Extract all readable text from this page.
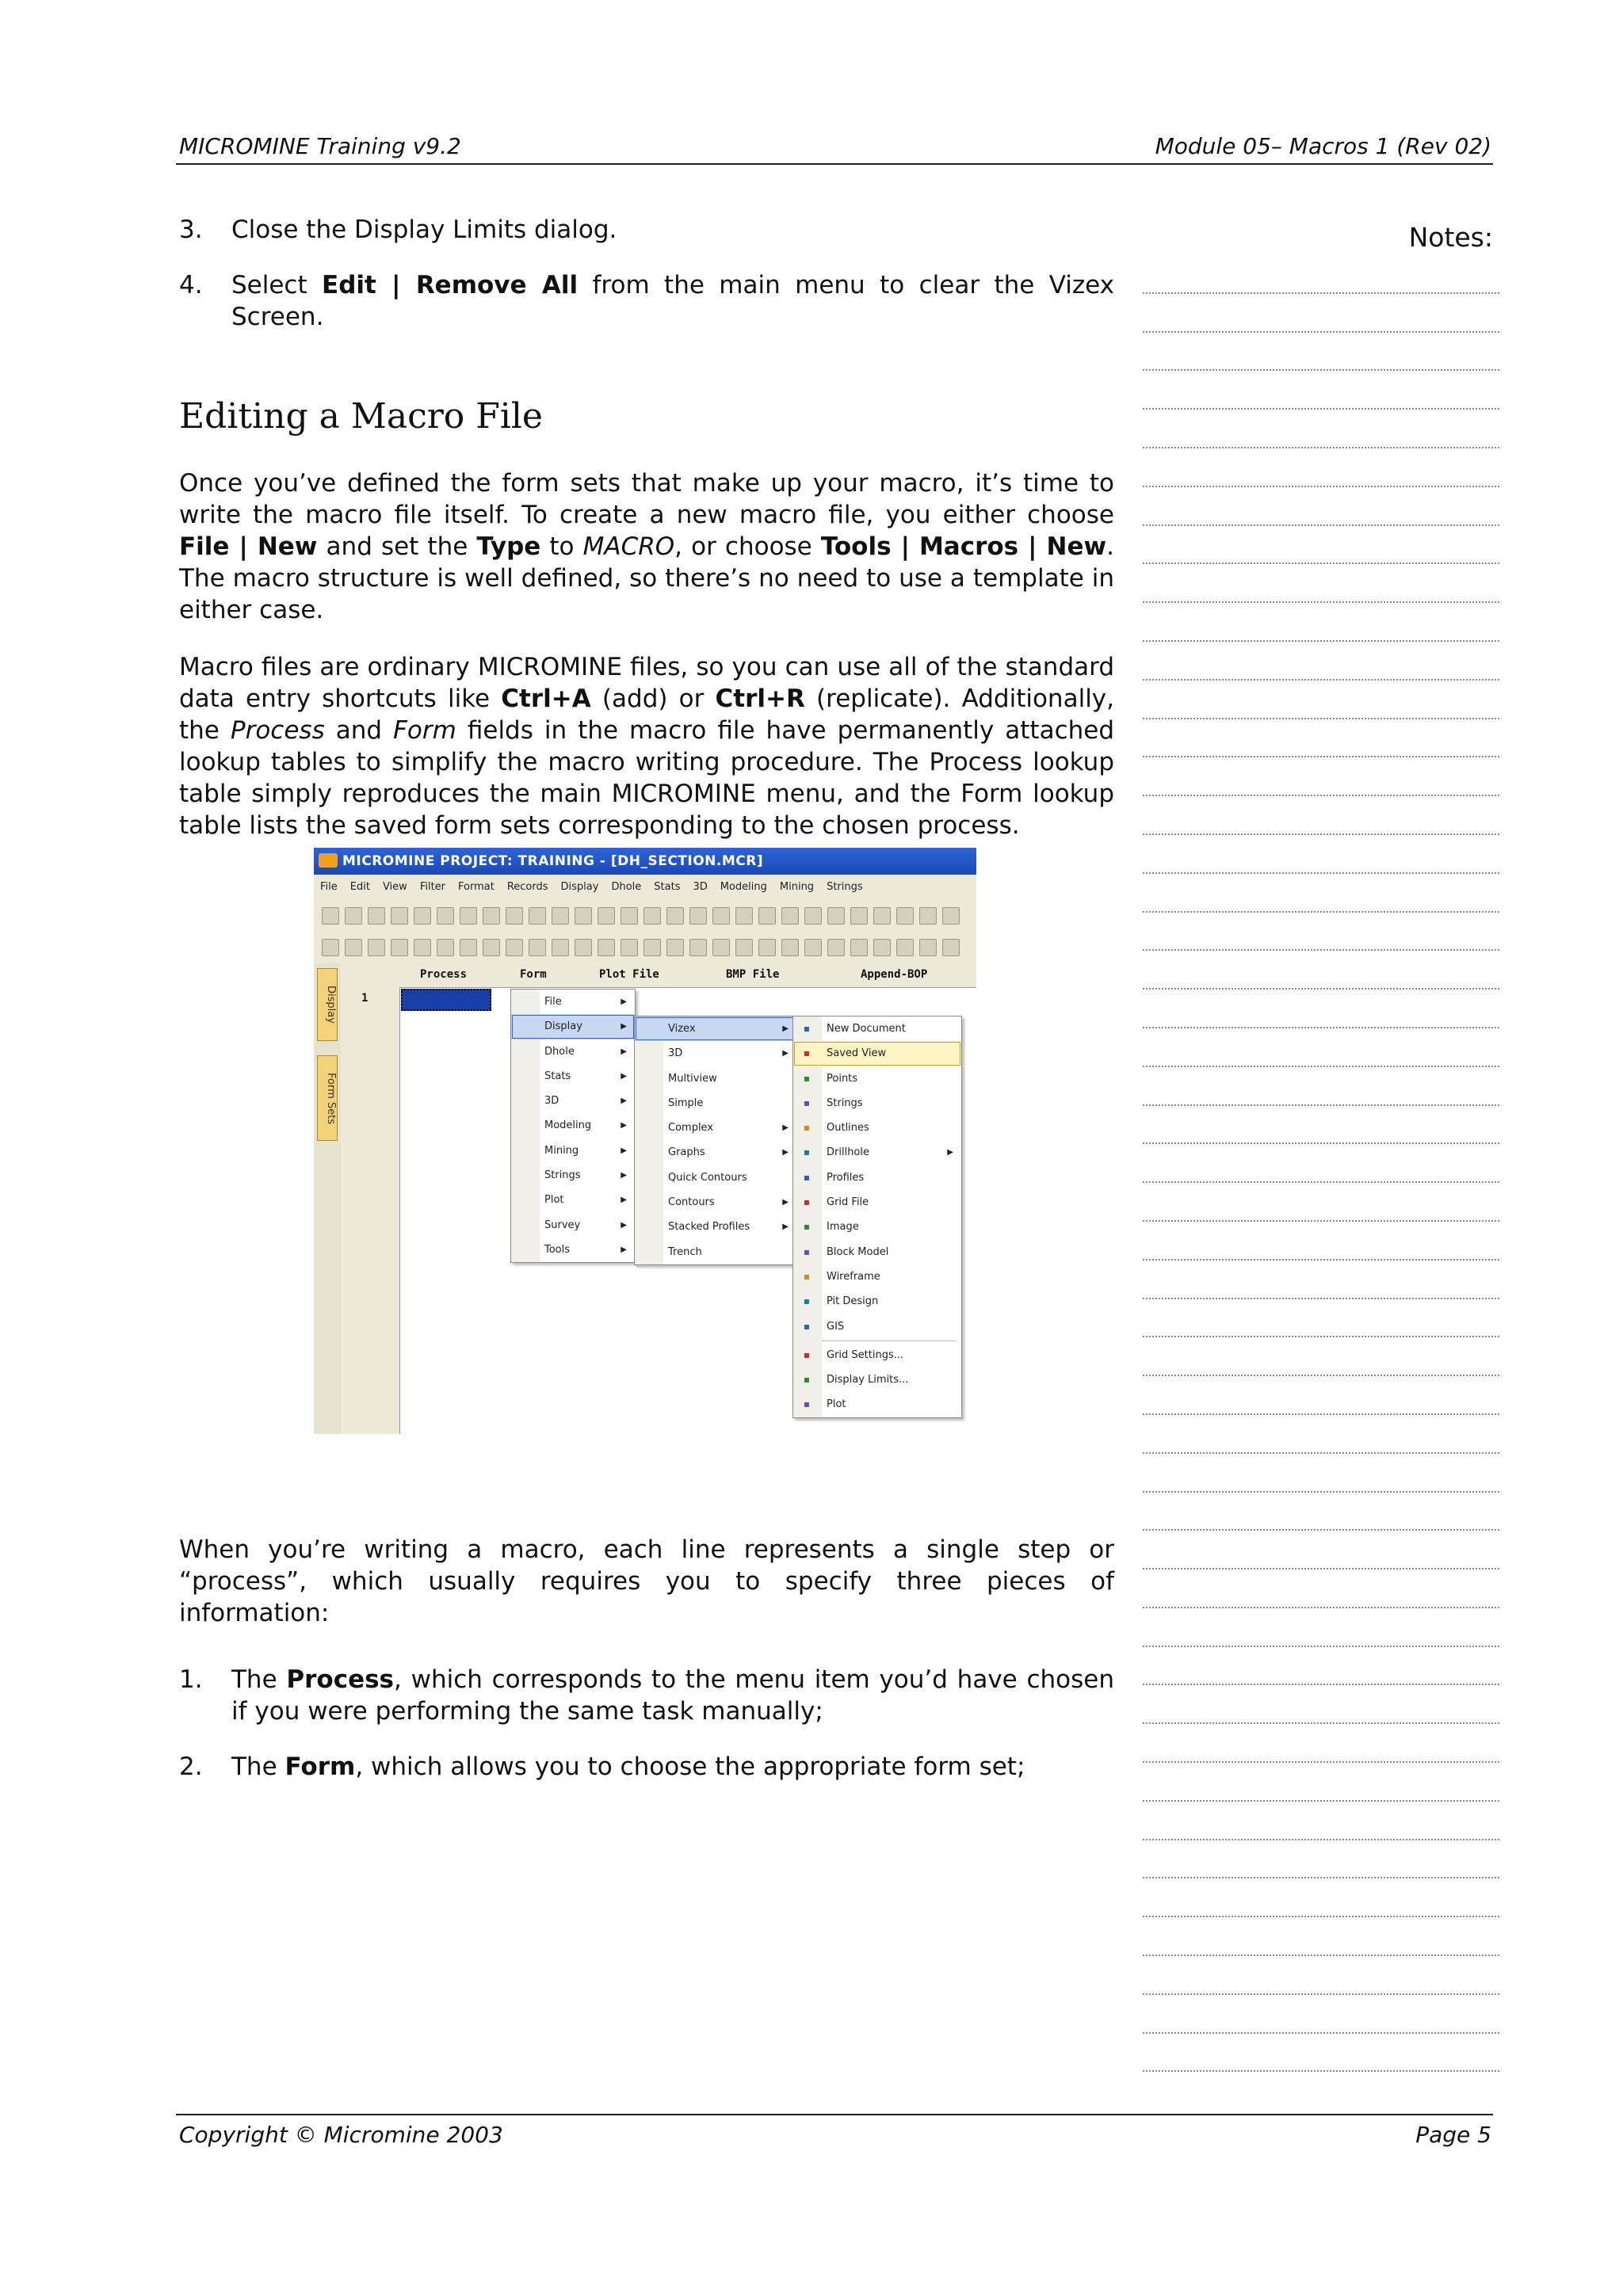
MICROMINE Training v9.2	Module 05– Macros 1 (Rev 02)
Notes:
3. Close the Display Limits dialog.
4. Select Edit | Remove All from the main menu to clear the Vizex Screen.
Editing a Macro File

Once you’ve defined the form sets that make up your macro, it’s time to write the macro file itself. To create a new macro file, you either choose File | New and set the Type to MACRO, or choose Tools | Macros | New. The macro structure is well defined, so there’s no need to use a template in either case.

Macro files are ordinary MICROMINE files, so you can use all of the standard data entry shortcuts like Ctrl+A (add) or Ctrl+R (replicate). Additionally, the Process and Form fields in the macro file have permanently attached lookup tables to simplify the macro writing procedure. The Process lookup table simply reproduces the main MICROMINE menu, and the Form lookup table lists the saved form sets corresponding to the chosen process.

When you’re writing a macro, each line represents a single step or “process”, which usually requires you to specify three pieces of information:

1. The Process, which corresponds to the menu item you’d have chosen if you were performing the same task manually;
2. The Form, which allows you to choose the appropriate form set;
MICROMINE PROJECT: TRAINING - [DH_SECTION.MCR]
File Edit View Filter Format Records Display Dhole Stats 3D Modeling Mining Strings
Display
Form Sets
Process	Form	Plot File	BMP File	Append-BOP
1	File	▶
Display	▶
Dhole	▶
Stats	▶
3D	▶
Modeling	▶
Mining	▶
Strings	▶
Plot	▶
Survey	▶
Tools	▶
Vizex	▶
3D	▶
Multiview
Simple
Complex	▶
Graphs	▶
Quick Contours
Contours	▶
Stacked Profiles	▶
Trench
▪	New Document
▪	Saved View
▪	Points
▪	Strings
▪	Outlines
▪	Drillhole	▶
▪	Profiles
▪	Grid File
▪	Image
▪	Block Model
▪	Wireframe
▪	Pit Design
▪	GIS
▪	Grid Settings...
▪	Display Limits...
▪	Plot
Copyright © Micromine 2003	Page 5
